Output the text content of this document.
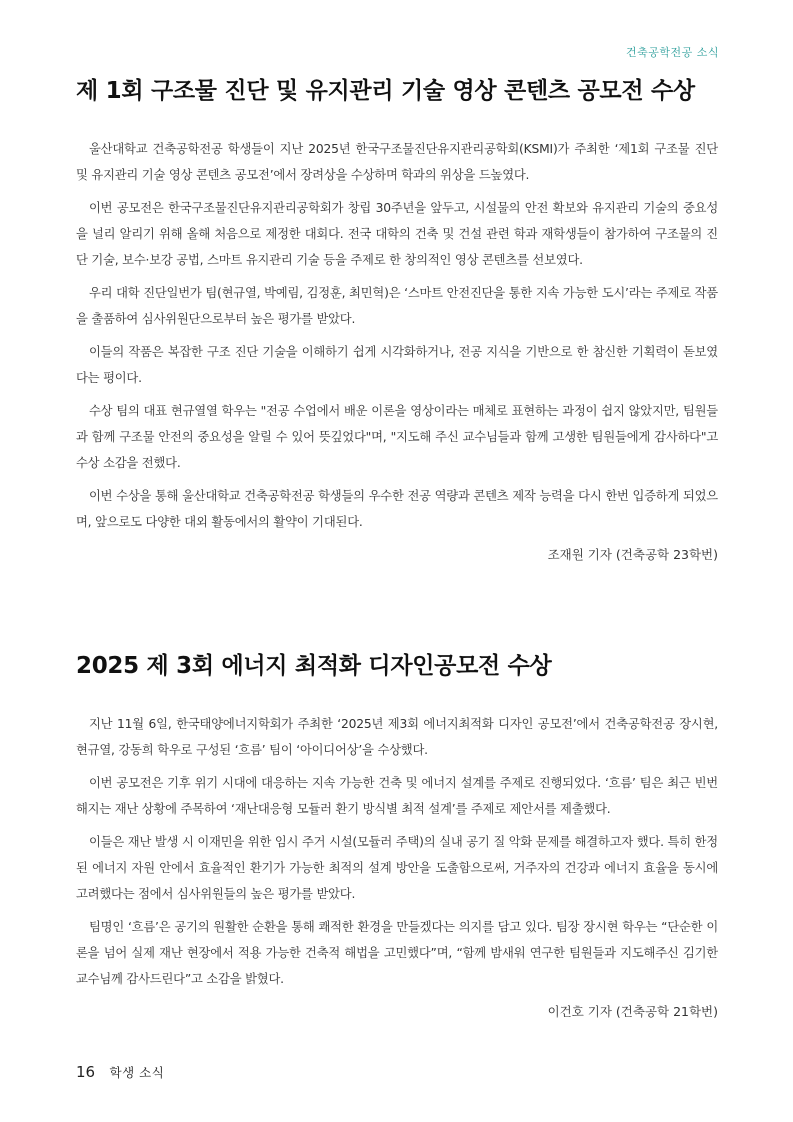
건축공학전공 소식
제 1회 구조물 진단 및 유지관리 기술 영상 콘텐츠 공모전 수상

울산대학교 건축공학전공 학생들이 지난 2025년 한국구조물진단유지관리공학회(KSMI)가 주최한 ‘제1회 구조물 진단 및 유지관리 기술 영상 콘텐츠 공모전’에서 장려상을 수상하며 학과의 위상을 드높였다.

이번 공모전은 한국구조물진단유지관리공학회가 창립 30주년을 앞두고, 시설물의 안전 확보와 유지관리 기술의 중요성을 널리 알리기 위해 올해 처음으로 제정한 대회다. 전국 대학의 건축 및 건설 관련 학과 재학생들이 참가하여 구조물의 진단 기술, 보수·보강 공법, 스마트 유지관리 기술 등을 주제로 한 창의적인 영상 콘텐츠를 선보였다.

우리 대학 진단일번가 팀(현규열, 박예림, 김정훈, 최민혁)은 ‘스마트 안전진단을 통한 지속 가능한 도시’라는 주제로 작품을 출품하여 심사위원단으로부터 높은 평가를 받았다.

이들의 작품은 복잡한 구조 진단 기술을 이해하기 쉽게 시각화하거나, 전공 지식을 기반으로 한 참신한 기획력이 돋보였다는 평이다.

수상 팀의 대표 현규열열 학우는 "전공 수업에서 배운 이론을 영상이라는 매체로 표현하는 과정이 쉽지 않았지만, 팀원들과 함께 구조물 안전의 중요성을 알릴 수 있어 뜻깊었다"며, "지도해 주신 교수님들과 함께 고생한 팀원들에게 감사하다"고 수상 소감을 전했다.

이번 수상을 통해 울산대학교 건축공학전공 학생들의 우수한 전공 역량과 콘텐츠 제작 능력을 다시 한번 입증하게 되었으며, 앞으로도 다양한 대외 활동에서의 활약이 기대된다.

조재원 기자 (건축공학 23학번)

2025 제 3회 에너지 최적화 디자인공모전 수상

지난 11월 6일, 한국태양에너지학회가 주최한 ‘2025년 제3회 에너지최적화 디자인 공모전’에서 건축공학전공 장시현, 현규열, 강동희 학우로 구성된 ‘흐름’ 팀이 ‘아이디어상’을 수상했다.

이번 공모전은 기후 위기 시대에 대응하는 지속 가능한 건축 및 에너지 설계를 주제로 진행되었다. ‘흐름’ 팀은 최근 빈번해지는 재난 상황에 주목하여 ‘재난대응형 모듈러 환기 방식별 최적 설계’를 주제로 제안서를 제출했다.

이들은 재난 발생 시 이재민을 위한 임시 주거 시설(모듈러 주택)의 실내 공기 질 악화 문제를 해결하고자 했다. 특히 한정된 에너지 자원 안에서 효율적인 환기가 가능한 최적의 설계 방안을 도출함으로써, 거주자의 건강과 에너지 효율을 동시에 고려했다는 점에서 심사위원들의 높은 평가를 받았다.

팀명인 ‘흐름’은 공기의 원활한 순환을 통해 쾌적한 환경을 만들겠다는 의지를 담고 있다. 팀장 장시현 학우는 “단순한 이론을 넘어 실제 재난 현장에서 적용 가능한 건축적 해법을 고민했다”며, “함께 밤새워 연구한 팀원들과 지도해주신 김기한 교수님께 감사드린다”고 소감을 밝혔다.

이건호 기자 (건축공학 21학번)

16 학생 소식
